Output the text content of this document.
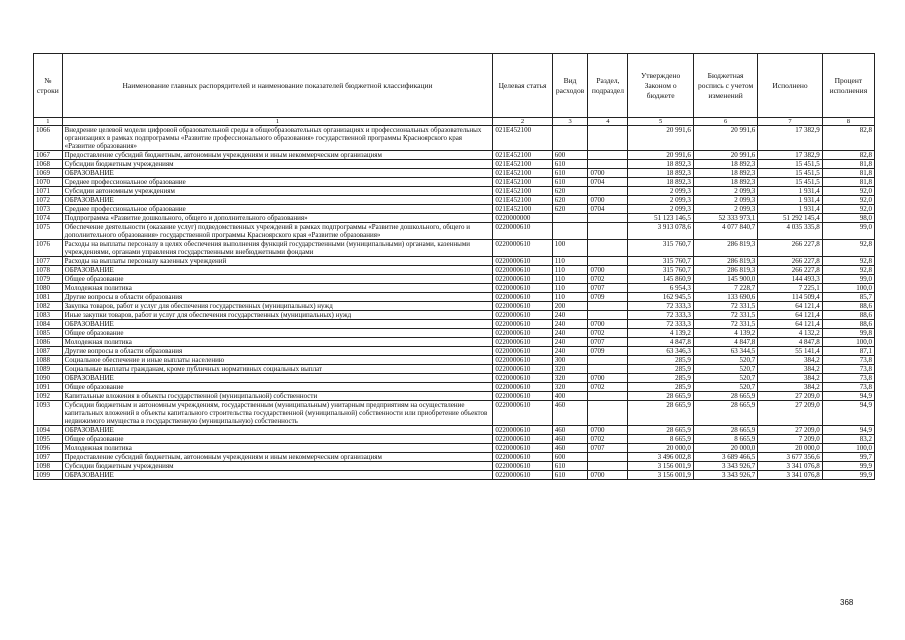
№ строки	Наименование главных распорядителей и наименование показателей бюджетной классификации	Целевая статья	Вид расходов	Раздел, подраздел	Утверждено Законом о бюджете	Бюджетная роспись с учетом изменений	Исполнено	Процент исполнения
1	1	2	3	4	5	6	7	8
1066	Внедрение целевой модели цифровой образовательной среды в общеобразовательных организациях и профессиональных образовательных организациях в рамках подпрограммы «Развитие профессионального образования» государственной программы Красноярского края «Развитие образования»	021E452100			20 991,6	20 991,6	17 382,9	82,8
1067	Предоставление субсидий бюджетным, автономным учреждениям и иным некоммерческим организациям	021E452100	600		20 991,6	20 991,6	17 382,9	82,8
1068	Субсидии бюджетным учреждениям	021E452100	610		18 892,3	18 892,3	15 451,5	81,8
1069	ОБРАЗОВАНИЕ	021E452100	610	0700	18 892,3	18 892,3	15 451,5	81,8
1070	Среднее профессиональное образование	021E452100	610	0704	18 892,3	18 892,3	15 451,5	81,8
1071	Субсидии автономным учреждениям	021E452100	620		2 099,3	2 099,3	1 931,4	92,0
1072	ОБРАЗОВАНИЕ	021E452100	620	0700	2 099,3	2 099,3	1 931,4	92,0
1073	Среднее профессиональное образование	021E452100	620	0704	2 099,3	2 099,3	1 931,4	92,0
1074	Подпрограмма «Развитие дошкольного, общего и дополнительного образования»	0220000000			51 123 146,5	52 333 973,1	51 292 145,4	98,0
1075	Обеспечение деятельности (оказание услуг) подведомственных учреждений в рамках подпрограммы «Развитие дошкольного, общего и дополнительного образования» государственной программы Красноярского края «Развитие образования»	0220000610			3 913 078,6	4 077 840,7	4 035 335,8	99,0
1076	Расходы на выплаты персоналу в целях обеспечения выполнения функций государственными (муниципальными) органами, казенными учреждениями, органами управления государственными внебюджетными фондами	0220000610	100		315 760,7	286 819,3	266 227,8	92,8
1077	Расходы на выплаты персоналу казенных учреждений	0220000610	110		315 760,7	286 819,3	266 227,8	92,8
1078	ОБРАЗОВАНИЕ	0220000610	110	0700	315 760,7	286 819,3	266 227,8	92,8
1079	Общее образование	0220000610	110	0702	145 860,9	145 900,0	144 493,3	99,0
1080	Молодежная политика	0220000610	110	0707	6 954,3	7 228,7	7 225,1	100,0
1081	Другие вопросы в области образования	0220000610	110	0709	162 945,5	133 690,6	114 509,4	85,7
1082	Закупка товаров, работ и услуг для обеспечения государственных (муниципальных) нужд	0220000610	200		72 333,3	72 331,5	64 121,4	88,6
1083	Иные закупки товаров, работ и услуг для обеспечения государственных (муниципальных) нужд	0220000610	240		72 333,3	72 331,5	64 121,4	88,6
1084	ОБРАЗОВАНИЕ	0220000610	240	0700	72 333,3	72 331,5	64 121,4	88,6
1085	Общее образование	0220000610	240	0702	4 139,2	4 139,2	4 132,2	99,8
1086	Молодежная политика	0220000610	240	0707	4 847,8	4 847,8	4 847,8	100,0
1087	Другие вопросы в области образования	0220000610	240	0709	63 346,3	63 344,5	55 141,4	87,1
1088	Социальное обеспечение и иные выплаты населению	0220000610	300		285,9	520,7	384,2	73,8
1089	Социальные выплаты гражданам, кроме публичных нормативных социальных выплат	0220000610	320		285,9	520,7	384,2	73,8
1090	ОБРАЗОВАНИЕ	0220000610	320	0700	285,9	520,7	384,2	73,8
1091	Общее образование	0220000610	320	0702	285,9	520,7	384,2	73,8
1092	Капитальные вложения в объекты государственной (муниципальной) собственности	0220000610	400		28 665,9	28 665,9	27 209,0	94,9
1093	Субсидии бюджетным и автономным учреждениям, государственным (муниципальным) унитарным предприятиям на осуществление капитальных вложений в объекты капитального строительства государственной (муниципальной) собственности или приобретение объектов недвижимого имущества в государственную (муниципальную) собственность	0220000610	460		28 665,9	28 665,9	27 209,0	94,9
1094	ОБРАЗОВАНИЕ	0220000610	460	0700	28 665,9	28 665,9	27 209,0	94,9
1095	Общее образование	0220000610	460	0702	8 665,9	8 665,9	7 209,0	83,2
1096	Молодежная политика	0220000610	460	0707	20 000,0	20 000,0	20 000,0	100,0
1097	Предоставление субсидий бюджетным, автономным учреждениям и иным некоммерческим организациям	0220000610	600		3 496 002,8	3 689 466,5	3 677 356,6	99,7
1098	Субсидии бюджетным учреждениям	0220000610	610		3 156 001,9	3 343 926,7	3 341 076,8	99,9
1099	ОБРАЗОВАНИЕ	0220000610	610	0700	3 156 001,9	3 343 926,7	3 341 076,8	99,9
368
